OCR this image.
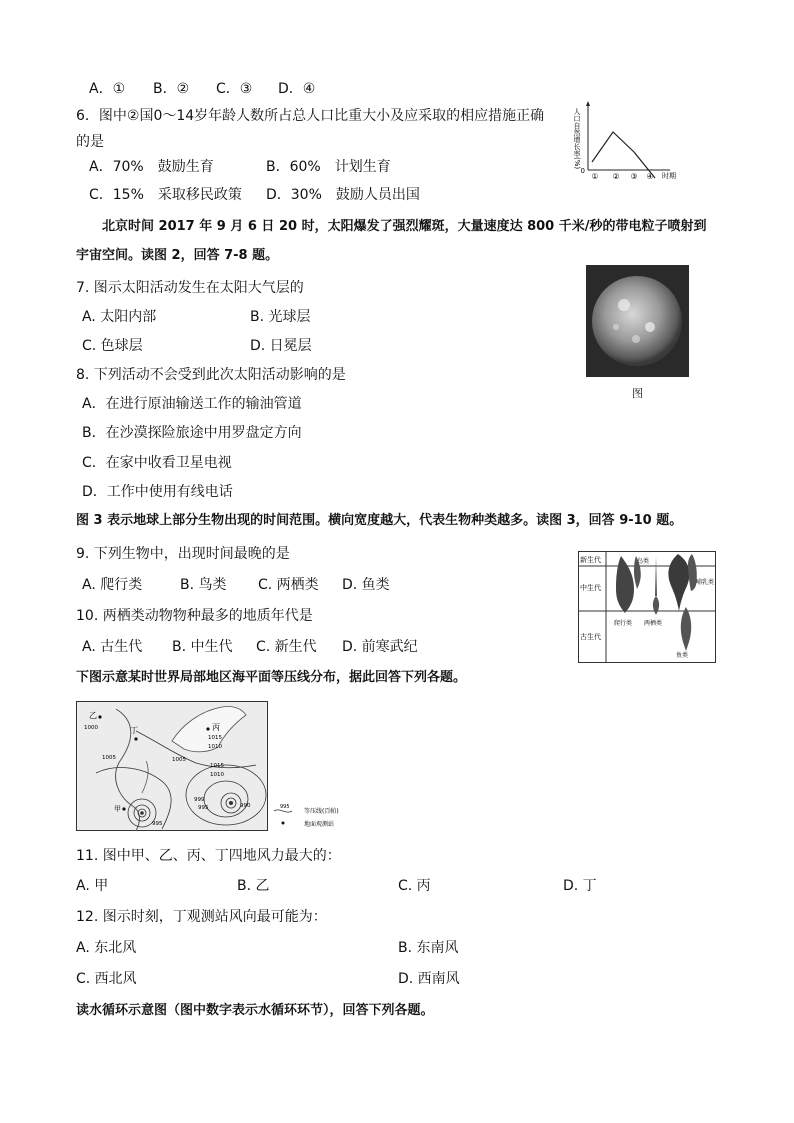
A．① B．② C．③ D．④
6．图中②国0～14岁年龄人数所占总人口比重大小及应采取的相应措施正确
的是
A．70%　鼓励生育	B．60%　计划生育
C．15%　采取移民政策 D．30%　鼓励人员出国
人口自然增长率(%)
0
① ② ③ ④ 时期
北京时间 2017 年 9 月 6 日 20 时，太阳爆发了强烈耀斑，大量速度达 800 千米/秒的带电粒子喷射到
宇宙空间。读图 2，回答 7-8 题。
图
7. 图示太阳活动发生在太阳大气层的
A. 太阳内部	B. 光球层
C. 色球层	D. 日冕层
8. 下列活动不会受到此次太阳活动影响的是
A．在进行原油输送工作的输油管道
B．在沙漠探险旅途中用罗盘定方向
C．在家中收看卫星电视
D．工作中使用有线电话
图 3 表示地球上部分生物出现的时间范围。横向宽度越大，代表生物种类越多。读图 3，回答 9-10 题。
9. 下列生物中，出现时间最晚的是
A. 爬行类	B. 鸟类 C. 两栖类 D. 鱼类
10. 两栖类动物物种最多的地质年代是
A. 古生代 B. 中生代 C. 新生代 D. 前寒武纪
新生代
中生代
古生代
鸟类
哺乳类
爬行类 两栖类
鱼类
下图示意某时世界局部地区海平面等压线分布，据此回答下列各题。
乙
丁	丙
甲
1000
1005
1015
1010
1015
1010
995	990
999
995
1005
995
等压线(百帕)
地面观测站
11. 图中甲、乙、丙、丁四地风力最大的：
A. 甲	B. 乙	C. 丙	D. 丁
12. 图示时刻，丁观测站风向最可能为：
A. 东北风	B. 东南风
C. 西北风	D. 西南风
读水循环示意图（图中数字表示水循环环节），回答下列各题。
